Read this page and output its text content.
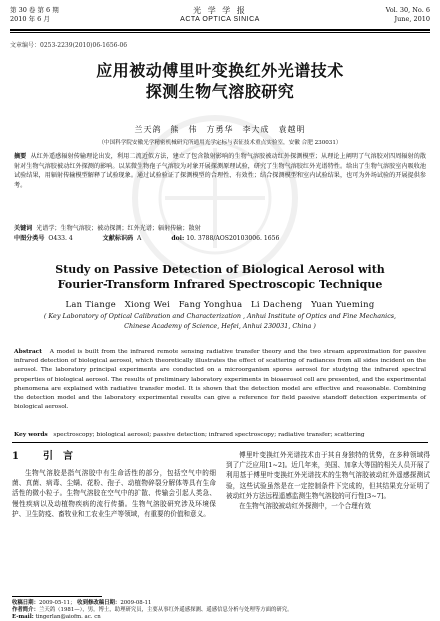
第 30 卷 第 6 期
2010 年 6 月
光 学 学 报
ACTA OPTICA SINICA
Vol. 30, No. 6
June, 2010
文章编号：0253-2239(2010)06-1656-06
应用被动傅里叶变换红外光谱技术
探测生物气溶胶研究
兰天鸽　熊　伟　方勇华　李大成　袁越明
（中国科学院安徽光学精密机械研究所通用光学定标与表征技术重点实验室，安徽 合肥 230031）
摘要 从红外遥感辐射传输理论出发，利用二流近似方法，建立了包含散射影响的生物气溶胶被动红外探测模型；从理论上阐明了气溶胶对四周辐射的散射对生物气溶胶被动红外探测的影响。以某微生物孢子气溶胶为对象开展探测原理试验，研究了生物气溶胶红外光谱特性。给出了生物气溶胶室内吸收池试验结果，用辐射传输模型解释了试验现象。通过试验验证了探测模型的合理性、有效性；结合探测模型和室内试验结果，也可为外场试验的开展提供参考。
关键词 光谱学；生物气溶胶；被动探测；红外光谱；辐射传输；散射
中图分类号 O433. 4	文献标识码 A	doi: 10. 3788/AOS20103006. 1656
Study on Passive Detection of Biological Aerosol with
Fourier-Transform Infrared Spectroscopic Technique
Lan Tiange　Xiong Wei　Fang Yonghua　Li Dacheng　Yuan Yueming
( Key Laboratory of Optical Calibration and Characterization , Anhui Institute of Optics and Fine Mechanics,
Chinese Academy of Science, Hefei, Anhui 230031, China )
Abstract A model is built from the infrared remote sensing radiative transfer theory and the two stream approximation for passive infrared detection of biological aerosol, which theoretically illustrates the effect of scattering of radiances from all sides incident on the aerosol. The laboratory principal experiments are conducted on a microorganism spores aerosol for studying the infrared spectral properties of biological aerosol. The results of preliminary laboratory experiments in bioaerosol cell are presented, and the experimental phenomena are explained with radiative transfer model. It is shown that the detection model are effective and reasonable. Combining the detection model and the laboratory experimental results can give a reference for field passive standoff detection experiments of biological aerosol.
Key words spectroscopy; biological aerosol; passive detection; infrared spectroscopy; radiative transfer; scattering
1 引　言

生物气溶胶是指气溶胶中有生命活性的部分，包括空气中的细菌、真菌、病毒、尘螨、花粉、孢子、动植物碎裂分解体等具有生命活性的微小粒子。生物气溶胶在空气中的扩散、传输会引起人类急、慢性疾病以及动植物疾病的流行传播。生物气溶胶研究涉及环境保护、卫生防疫、畜牧业和工农业生产等领域，有重要的价值和意义。

傅里叶变换红外光谱技术由于其自身独特的优势，在多种领域得到了广泛应用[1~2]。近几年来，美国、加拿大等国的相关人员开展了利用基于傅里叶变换红外光谱技术的生物气溶胶被动红外遥感探测试验，这些试验虽然是在一定控制条件下完成的，但其结果充分证明了被动红外方法远程遥感监测生物气溶胶的可行性[3~7]。

在生物气溶胶被动红外探测中，一个合理有效

收稿日期：2009-05-11； 收到修改稿日期：2009-08-11
作者简介：兰天鸽（1981—），男，博士，助理研究员，主要从事红外遥感探测、遥感信息分析与处理等方面的研究。
E-mail: tingerlan@aiofm. ac. cn
